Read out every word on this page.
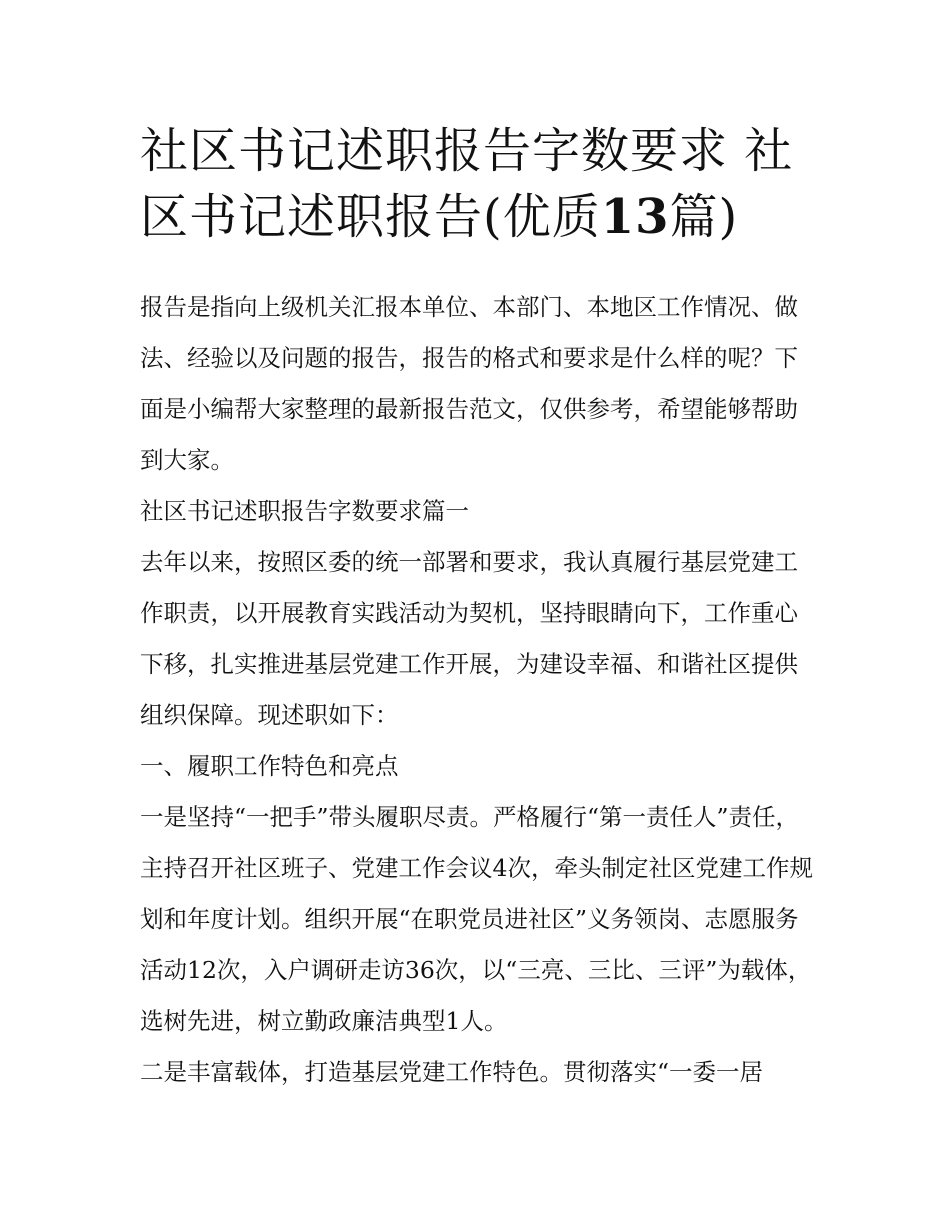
社区书记述职报告字数要求 社
区书记述职报告(优质13篇)

报告是指向上级机关汇报本单位、本部门、本地区工作情况、做法、经验以及问题的报告，报告的格式和要求是什么样的呢？下面是小编帮大家整理的最新报告范文，仅供参考，希望能够帮助到大家。

社区书记述职报告字数要求篇一

去年以来，按照区委的统一部署和要求，我认真履行基层党建工作职责，以开展教育实践活动为契机，坚持眼睛向下，工作重心下移，扎实推进基层党建工作开展，为建设幸福、和谐社区提供组织保障。现述职如下：

一、履职工作特色和亮点

一是坚持“一把手”带头履职尽责。严格履行“第一责任人”责任，主持召开社区班子、党建工作会议4次，牵头制定社区党建工作规划和年度计划。组织开展“在职党员进社区”义务领岗、志愿服务活动12次，入户调研走访36次，以“三亮、三比、三评”为载体，选树先进，树立勤政廉洁典型1人。

二是丰富载体，打造基层党建工作特色。贯彻落实“一委一居
